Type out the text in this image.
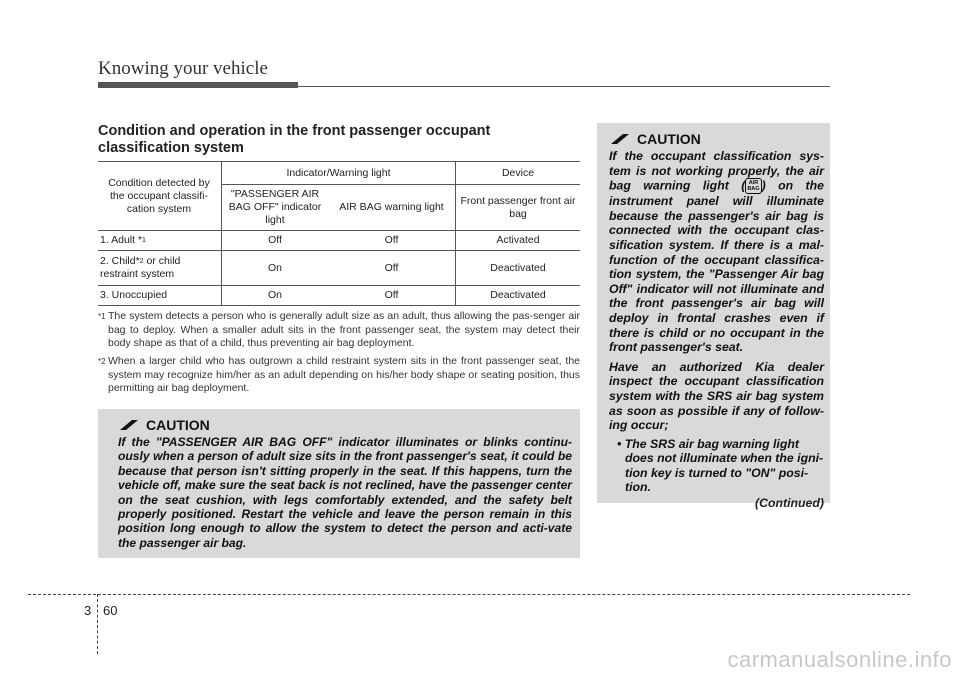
Knowing your vehicle
Condition and operation in the front passenger occupant classification system
Condition detected by the occupant classifi-cation system	Indicator/Warning light		Device
	"PASSENGER AIR BAG OFF" indicator light	AIR BAG warning light	Front passenger front air bag
1. Adult *$^1$	Off	Off	Activated
2. Child*$^2$ or child restraint system	On	Off	Deactivated
3. Unoccupied	On	Off	Deactivated
*1 The system detects a person who is generally adult size as an adult, thus allowing the pas-senger air bag to deploy. When a smaller adult sits in the front passenger seat, the system may detect their body shape as that of a child, thus preventing air bag deployment.
*2 When a larger child who has outgrown a child restraint system sits in the front passenger seat, the system may recognize him/her as an adult depending on his/her body shape or seating position, thus permitting air bag deployment.
CAUTION
If the "PASSENGER AIR BAG OFF" indicator illuminates or blinks continu-ously when a person of adult size sits in the front passenger's seat, it could be because that person isn't sitting properly in the seat. If this happens, turn the vehicle off, make sure the seat back is not reclined, have the passenger center on the seat cushion, with legs comfortably extended, and the safety belt properly positioned. Restart the vehicle and leave the person remain in this position long enough to allow the system to detect the person and acti-vate the passenger air bag.
CAUTION
If the occupant classification sys-tem is not working properly, the air bag warning light ( AIR
BAG ) on the instrument panel will illuminate because the passenger's air bag is connected with the occupant clas-sification system. If there is a mal-function of the occupant classifica-tion system, the "Passenger Air bag Off" indicator will not illuminate and the front passenger's air bag will deploy in frontal crashes even if there is child or no occupant in the front passenger's seat.
Have an authorized Kia dealer inspect the occupant classification system with the SRS air bag system as soon as possible if any of follow-ing occur;
• The SRS air bag warning light does not illuminate when the igni-tion key is turned to "ON" posi-tion.
(Continued)
3 60
carmanualsonline.info
